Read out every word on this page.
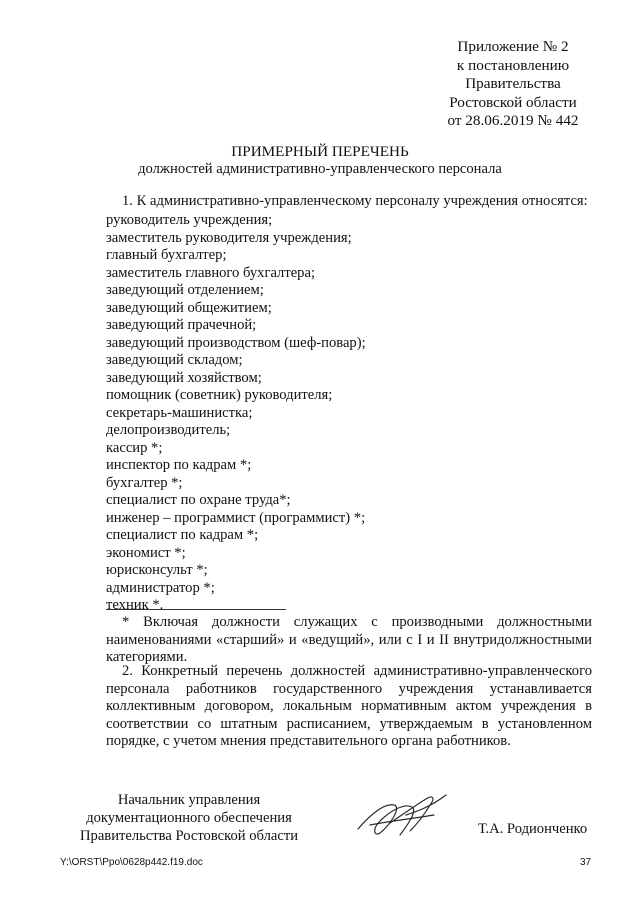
Приложение № 2
к постановлению
Правительства
Ростовской области
от 28.06.2019 № 442
ПРИМЕРНЫЙ ПЕРЕЧЕНЬ
должностей административно-управленческого персонала
1. К административно-управленческому персоналу учреждения относятся:
руководитель учреждения;
заместитель руководителя учреждения;
главный бухгалтер;
заместитель главного бухгалтера;
заведующий отделением;
заведующий общежитием;
заведующий прачечной;
заведующий производством (шеф-повар);
заведующий складом;
заведующий хозяйством;
помощник (советник) руководителя;
секретарь-машинистка;
делопроизводитель;
кассир *;
инспектор по кадрам *;
бухгалтер *;
специалист по охране труда*;
инженер – программист (программист) *;
специалист по кадрам *;
экономист *;
юрисконсульт *;
администратор *;
техник *.
* Включая должности служащих с производными должностными наименованиями «старший» и «ведущий», или с I и II внутридолжностными категориями.
2. Конкретный перечень должностей административно-управленческого персонала работников государственного учреждения устанавливается коллективным договором, локальным нормативным актом учреждения в соответствии со штатным расписанием, утверждаемым в установленном порядке, с учетом мнения представительного органа работников.
Начальник управления
документационного обеспечения
Правительства Ростовской области	Т.А. Родионченко
Y:\ORST\Ppo\0628p442.f19.doc	37
